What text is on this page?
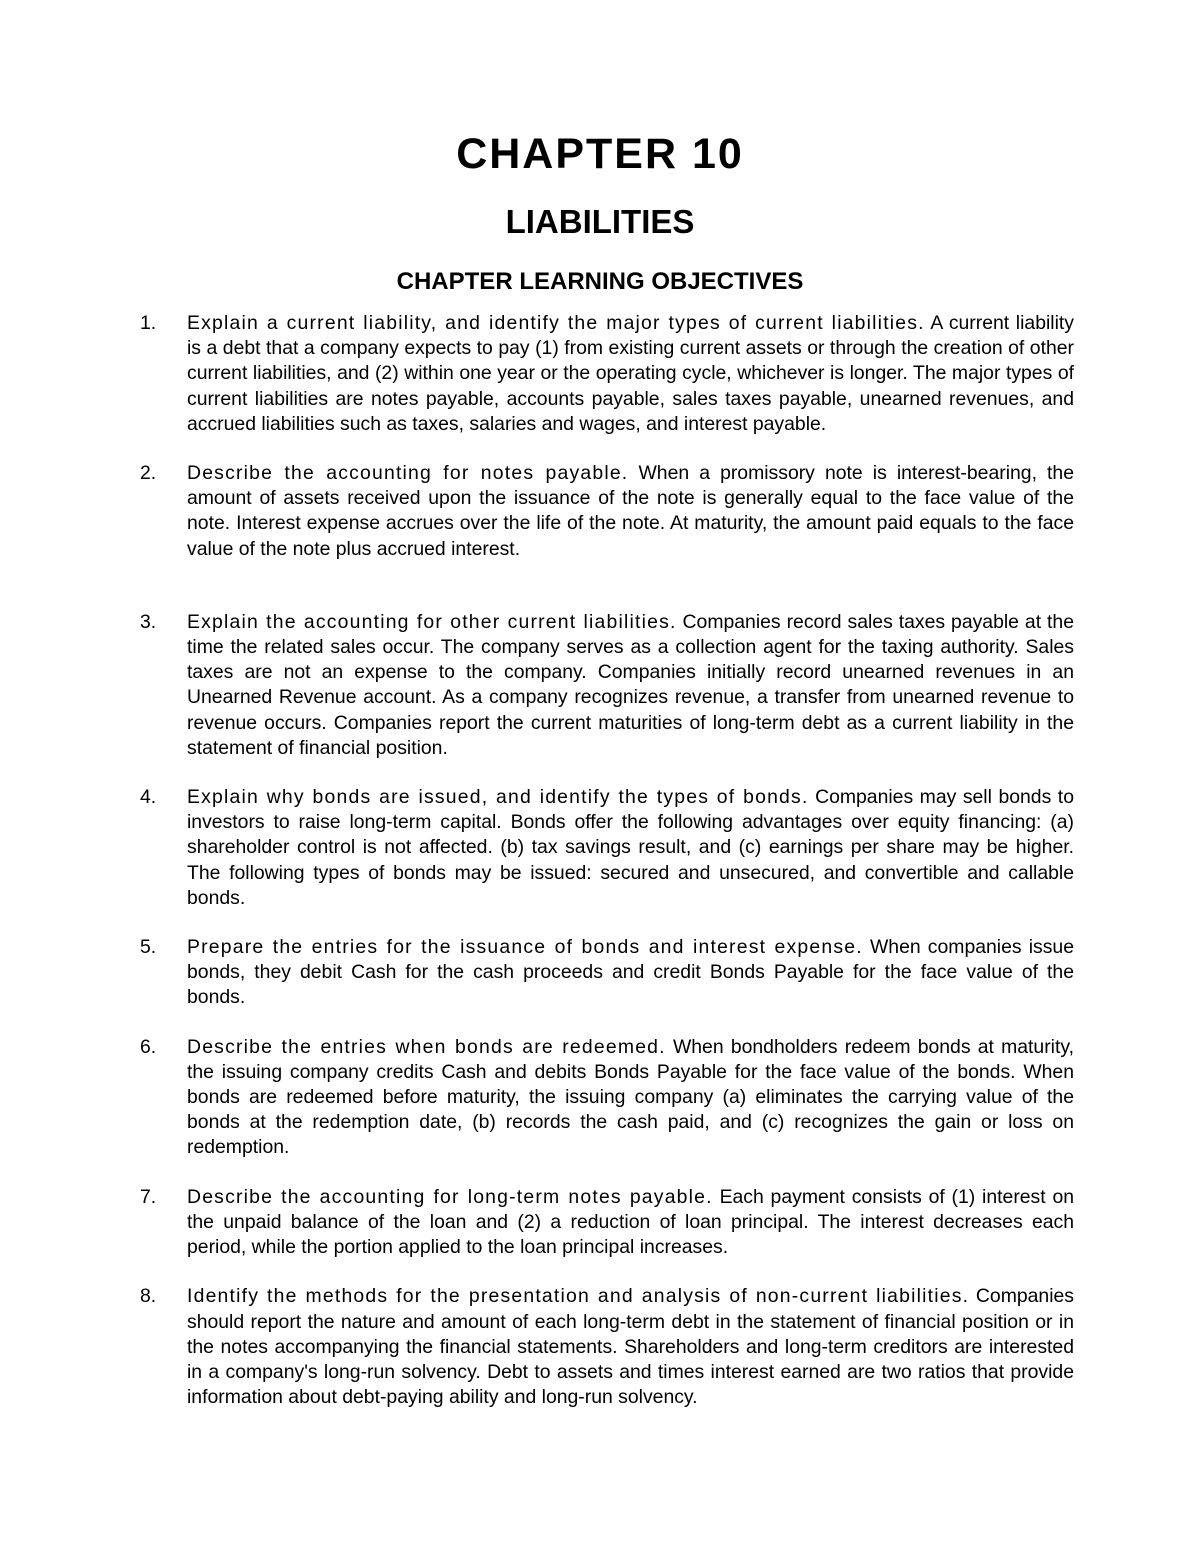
CHAPTER 10
LIABILITIES
CHAPTER LEARNING OBJECTIVES
1.	Explain a current liability, and identify the major types of current liabilities. A current liability is a debt that a company expects to pay (1) from existing current assets or through the creation of other current liabilities, and (2) within one year or the operating cycle, whichever is longer. The major types of current liabilities are notes payable, accounts payable, sales taxes payable, unearned revenues, and accrued liabilities such as taxes, salaries and wages, and interest payable.
2.	Describe the accounting for notes payable. When a promissory note is interest-bearing, the amount of assets received upon the issuance of the note is generally equal to the face value of the note. Interest expense accrues over the life of the note. At maturity, the amount paid equals to the face value of the note plus accrued interest.
3.	Explain the accounting for other current liabilities. Companies record sales taxes payable at the time the related sales occur. The company serves as a collection agent for the taxing authority. Sales taxes are not an expense to the company. Companies initially record unearned revenues in an Unearned Revenue account. As a company recognizes revenue, a transfer from unearned revenue to revenue occurs. Companies report the current maturities of long-term debt as a current liability in the statement of financial position.
4.	Explain why bonds are issued, and identify the types of bonds. Companies may sell bonds to investors to raise long-term capital. Bonds offer the following advantages over equity financing: (a) shareholder control is not affected. (b) tax savings result, and (c) earnings per share may be higher. The following types of bonds may be issued: secured and unsecured, and convertible and callable bonds.
5.	Prepare the entries for the issuance of bonds and interest expense. When companies issue bonds, they debit Cash for the cash proceeds and credit Bonds Payable for the face value of the bonds.
6.	Describe the entries when bonds are redeemed. When bondholders redeem bonds at maturity, the issuing company credits Cash and debits Bonds Payable for the face value of the bonds. When bonds are redeemed before maturity, the issuing company (a) eliminates the carrying value of the bonds at the redemption date, (b) records the cash paid, and (c) recognizes the gain or loss on redemption.
7.	Describe the accounting for long-term notes payable. Each payment consists of (1) interest on the unpaid balance of the loan and (2) a reduction of loan principal. The interest decreases each period, while the portion applied to the loan principal increases.
8.	Identify the methods for the presentation and analysis of non-current liabilities. Companies should report the nature and amount of each long-term debt in the statement of financial position or in the notes accompanying the financial statements. Shareholders and long-term creditors are interested in a company's long-run solvency. Debt to assets and times interest earned are two ratios that provide information about debt-paying ability and long-run solvency.
